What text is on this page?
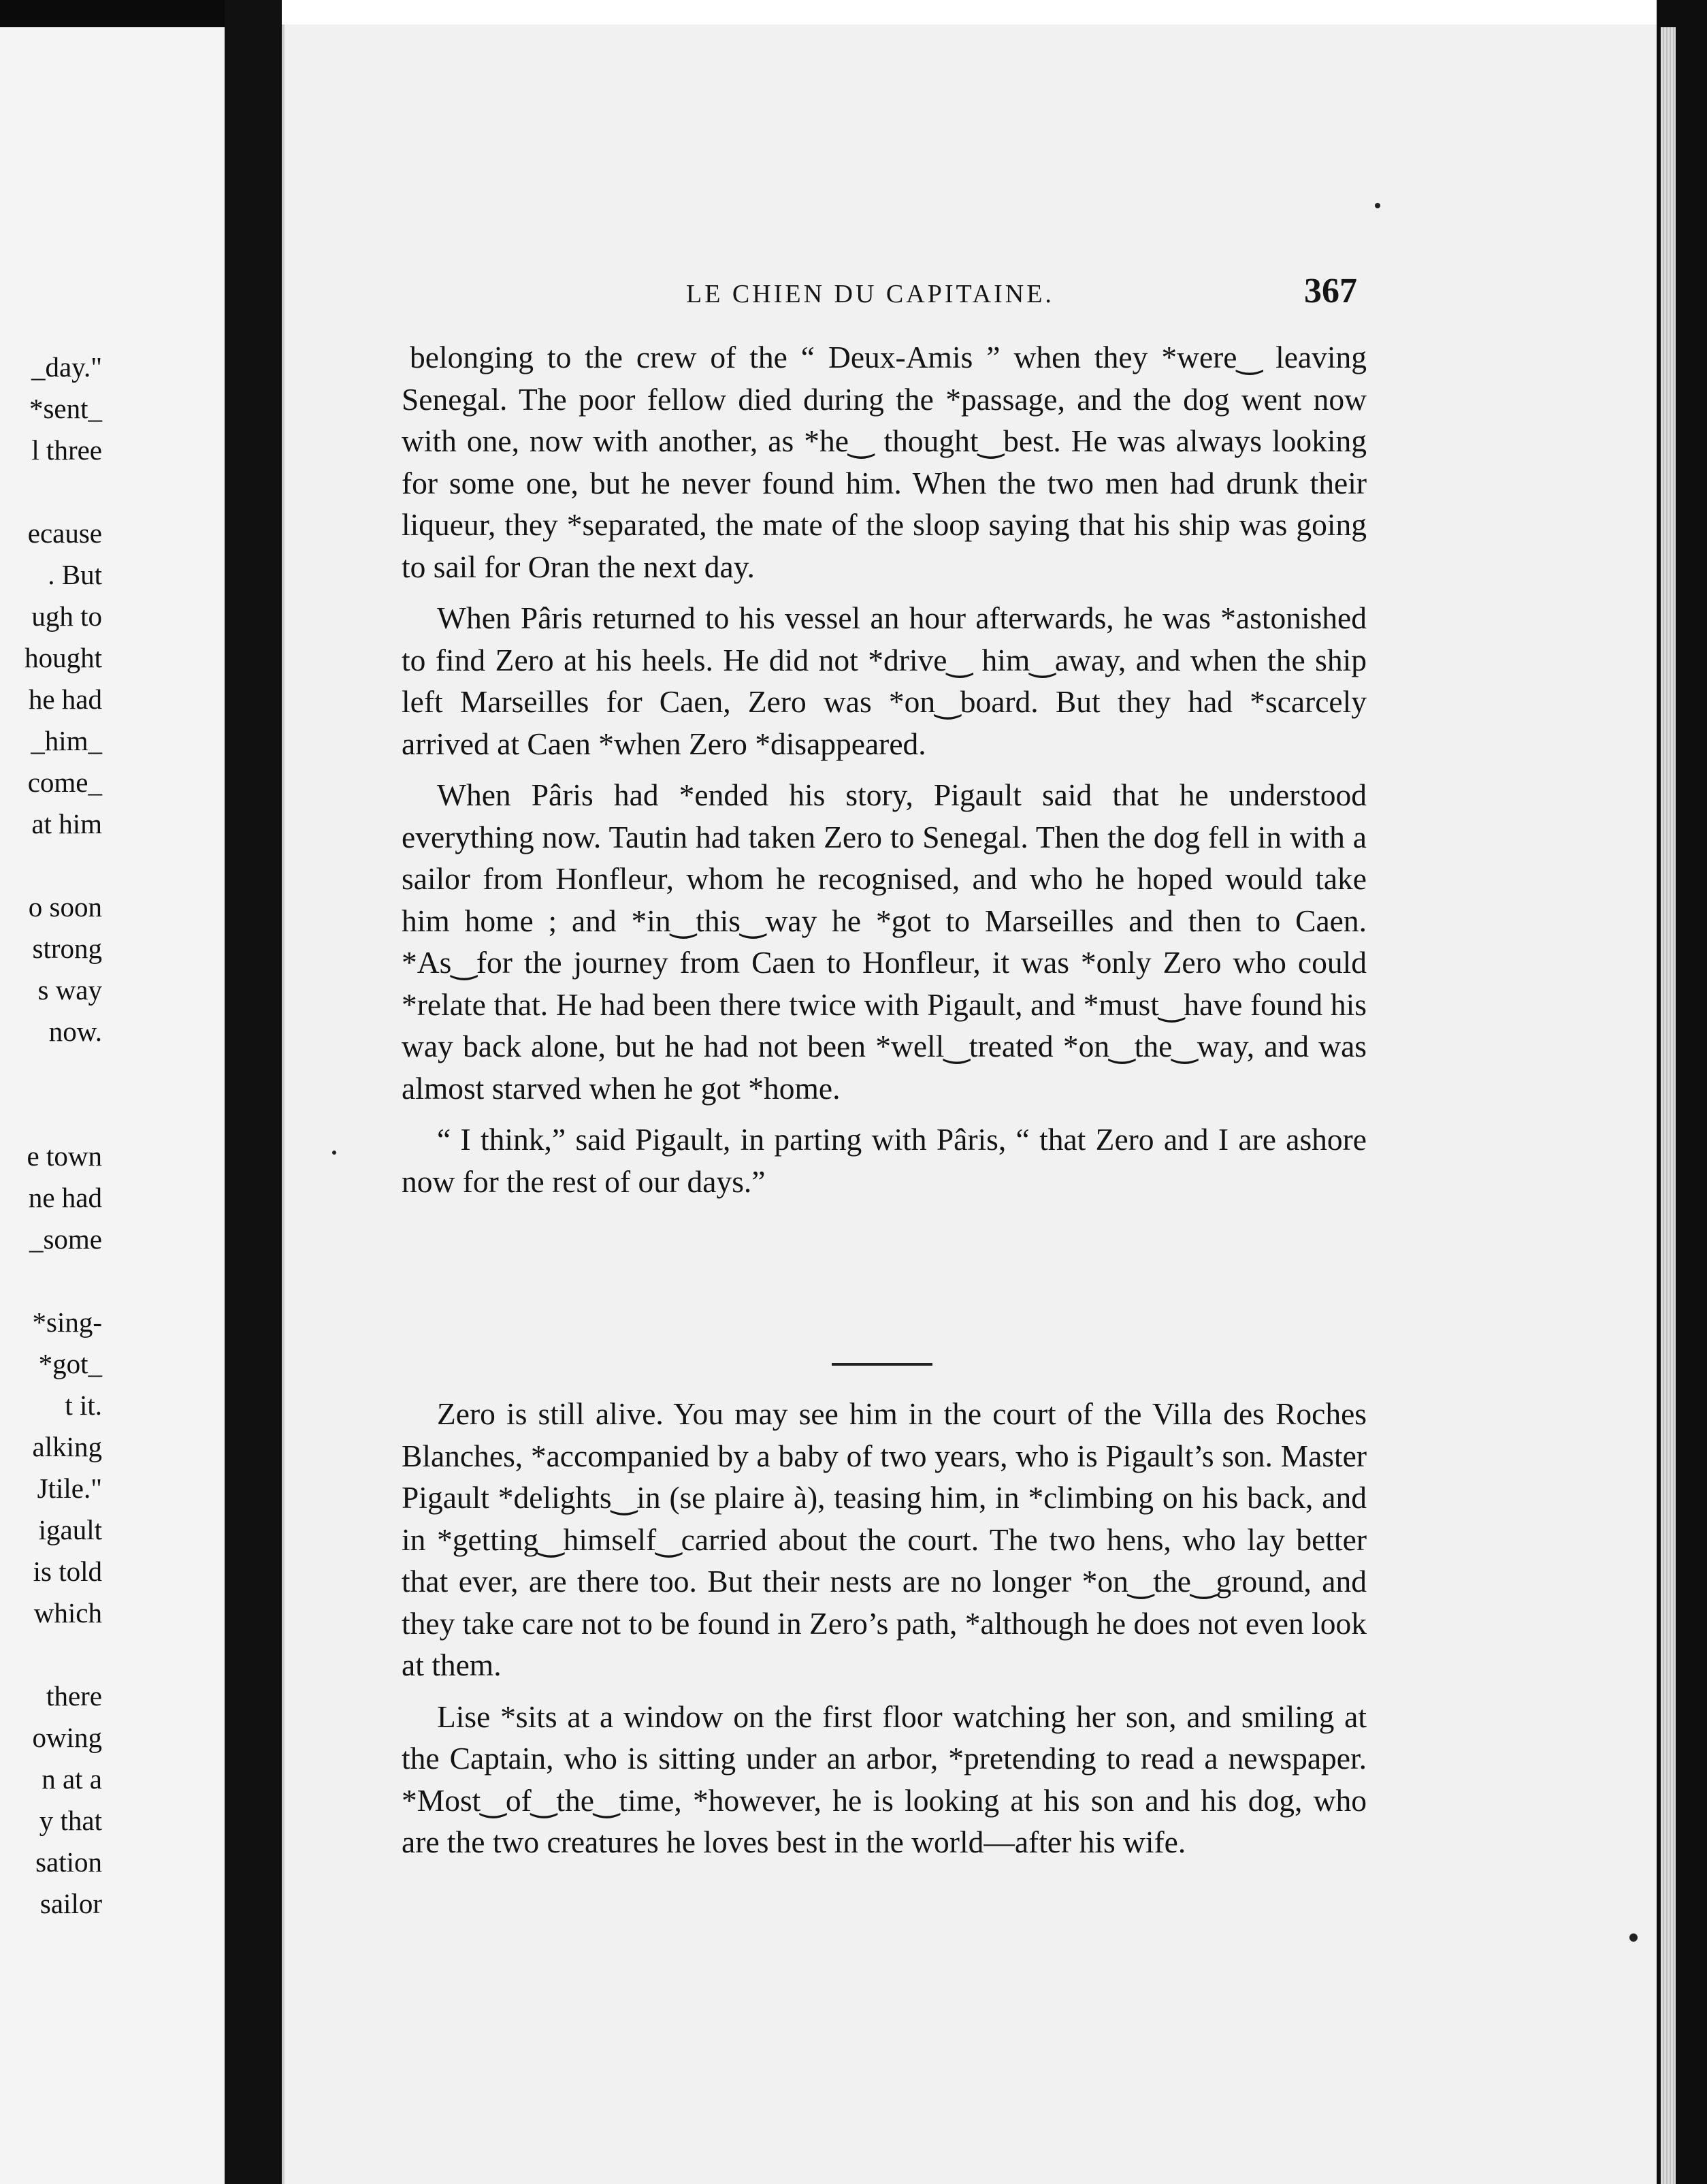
_day."
*sent_
l three
ecause
. But
ugh to
hought
he had
_him_
come_
at him
o soon
strong
s way
now.
e town
ne had
_some
*sing-
*got_
t it.
alking
Jtile."
igault
is told
which
there
owing
n at a
y that
sation
sailor
LE CHIEN DU CAPITAINE.	367

belonging to the crew of the “ Deux-Amis ” when they *were‿ leaving Senegal. The poor fellow died during the *passage, and the dog went now with one, now with another, as *he‿ thought‿best. He was always looking for some one, but he never found him. When the two men had drunk their liqueur, they *separated, the mate of the sloop saying that his ship was going to sail for Oran the next day.

When Pâris returned to his vessel an hour afterwards, he was *astonished to find Zero at his heels. He did not *drive‿ him‿away, and when the ship left Marseilles for Caen, Zero was *on‿board. But they had *scarcely arrived at Caen *when Zero *disappeared.

When Pâris had *ended his story, Pigault said that he understood everything now. Tautin had taken Zero to Senegal. Then the dog fell in with a sailor from Honfleur, whom he recognised, and who he hoped would take him home ; and *in‿this‿way he *got to Marseilles and then to Caen. *As‿for the journey from Caen to Honfleur, it was *only Zero who could *relate that. He had been there twice with Pigault, and *must‿have found his way back alone, but he had not been *well‿treated *on‿the‿way, and was almost starved when he got *home.

“ I think,” said Pigault, in parting with Pâris, “ that Zero and I are ashore now for the rest of our days.”

Zero is still alive. You may see him in the court of the Villa des Roches Blanches, *accompanied by a baby of two years, who is Pigault’s son. Master Pigault *delights‿in (se plaire à), teasing him, in *climbing on his back, and in *getting‿himself‿carried about the court. The two hens, who lay better that ever, are there too. But their nests are no longer *on‿the‿ground, and they take care not to be found in Zero’s path, *although he does not even look at them.

Lise *sits at a window on the first floor watching her son, and smiling at the Captain, who is sitting under an arbor, *pretending to read a newspaper. *Most‿of‿the‿time, *however, he is looking at his son and his dog, who are the two creatures he loves best in the world—after his wife.
